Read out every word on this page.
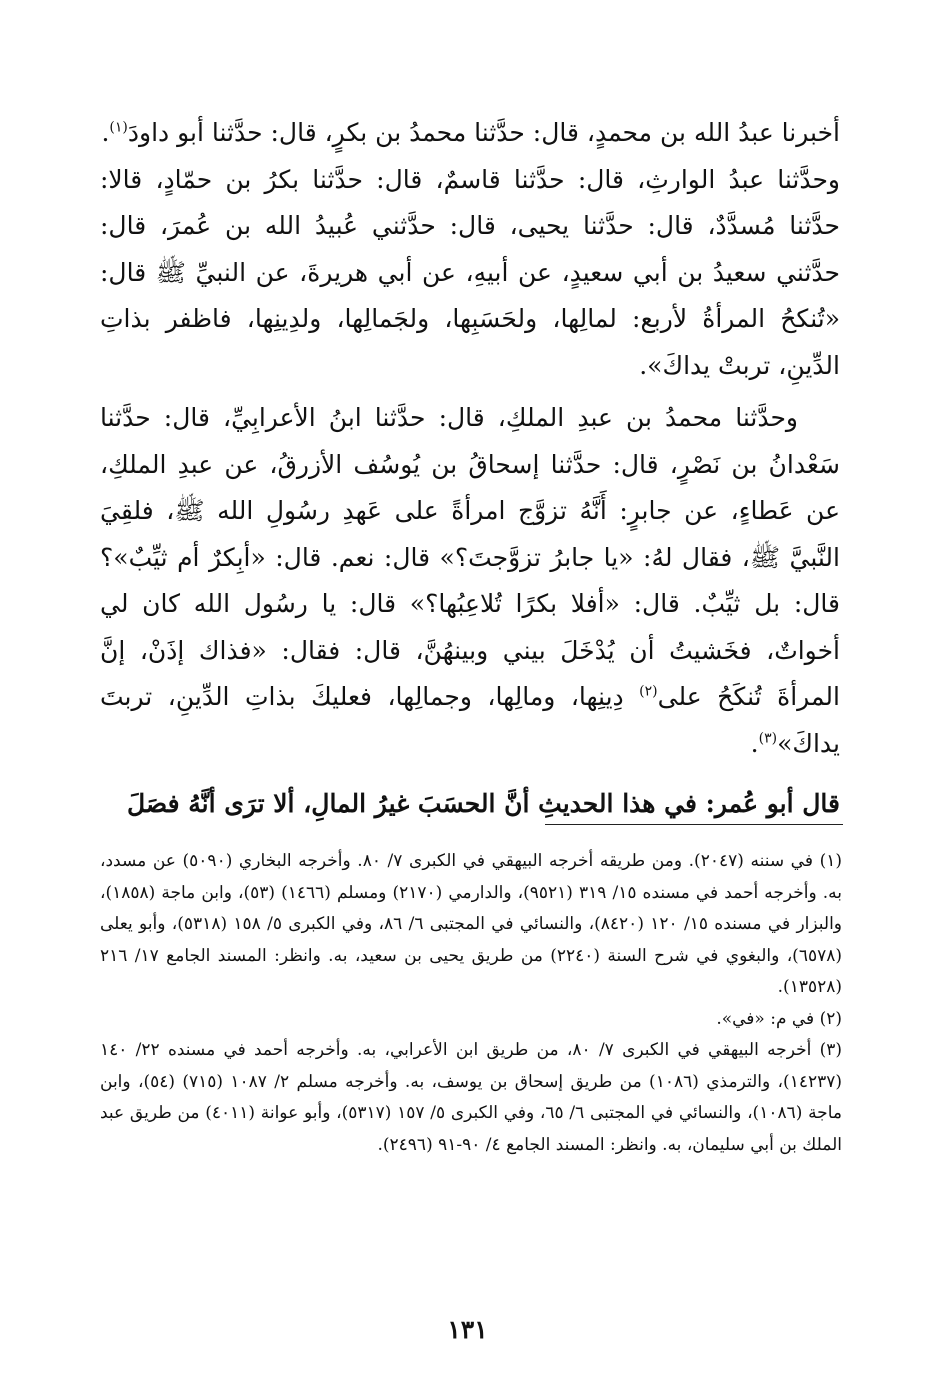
أخبرنا عبدُ الله بن محمدٍ، قال: حدَّثنا محمدُ بن بكرٍ، قال: حدَّثنا أبو داودَ$^{(١)}$.

وحدَّثنا عبدُ الوارثِ، قال: حدَّثنا قاسمٌ، قال: حدَّثنا بكرُ بن حمّادٍ، قالا: حدَّثنا مُسدَّدٌ، قال: حدَّثنا يحيى، قال: حدَّثني عُبيدُ الله بن عُمرَ، قال: حدَّثني سعيدُ بن أبي سعيدٍ، عن أبيهِ، عن أبي هريرةَ، عن النبيِّ ﷺ قال: «تُنكحُ المرأةُ لأربع: لمالِها، ولحَسَبِها، ولجَمالِها، ولدِينِها، فاظفر بذاتِ الدِّينِ، تربتْ يداكَ».

وحدَّثنا محمدُ بن عبدِ الملكِ، قال: حدَّثنا ابنُ الأعرابِيِّ، قال: حدَّثنا سَعْدانُ بن نَصْرٍ، قال: حدَّثنا إسحاقُ بن يُوسُف الأزرقُ، عن عبدِ الملكِ، عن عَطاءٍ، عن جابرٍ: أَنَّهُ تزوَّج امرأةً على عَهدِ رسُولِ الله ﷺ، فلقِيَ النَّبيَّ ﷺ، فقال لهُ: «يا جابرُ تزوَّجتَ؟» قال: نعم. قال: «أبِكرٌ أم ثيِّبٌ»؟ قال: بل ثيِّبٌ. قال: «أفلا بكرًا تُلاعِبُها؟» قال: يا رسُول الله كان لي أخواتٌ، فخَشيتُ أن يُدْخَلَ بيني وبينهُنَّ، قال: فقال: «فذاك إذَنْ، إنَّ المرأةَ تُنكَحُ على$^{(٢)}$ دِينِها، ومالِها، وجمالِها، فعليكَ بذاتِ الدِّينِ، تربتَ يداكَ»$^{(٣)}$.

قال أبو عُمر: في هذا الحديثِ أنَّ الحسَبَ غيرُ المالِ، ألا ترَى أنَّهُ فصَلَ

(١) في سننه (٢٠٤٧). ومن طريقه أخرجه البيهقي في الكبرى ٧/ ٨٠. وأخرجه البخاري (٥٠٩٠) عن مسدد، به. وأخرجه أحمد في مسنده ١٥/ ٣١٩ (٩٥٢١)، والدارمي (٢١٧٠) ومسلم (١٤٦٦) (٥٣)، وابن ماجة (١٨٥٨)، والبزار في مسنده ١٥/ ١٢٠ (٨٤٢٠)، والنسائي في المجتبى ٦/ ٨٦، وفي الكبرى ٥/ ١٥٨ (٥٣١٨)، وأبو يعلى (٦٥٧٨)، والبغوي في شرح السنة (٢٢٤٠) من طريق يحيى بن سعيد، به. وانظر: المسند الجامع ١٧/ ٢١٦ (١٣٥٢٨).

(٢) في م: «في».

(٣) أخرجه البيهقي في الكبرى ٧/ ٨٠، من طريق ابن الأعرابي، به. وأخرجه أحمد في مسنده ٢٢/ ١٤٠ (١٤٢٣٧)، والترمذي (١٠٨٦) من طريق إسحاق بن يوسف، به. وأخرجه مسلم ٢/ ١٠٨٧ (٧١٥) (٥٤)، وابن ماجة (١٠٨٦)، والنسائي في المجتبى ٦/ ٦٥، وفي الكبرى ٥/ ١٥٧ (٥٣١٧)، وأبو عوانة (٤٠١١) من طريق عبد الملك بن أبي سليمان، به. وانظر: المسند الجامع ٤/ ٩٠-٩١ (٢٤٩٦).

١٣١
